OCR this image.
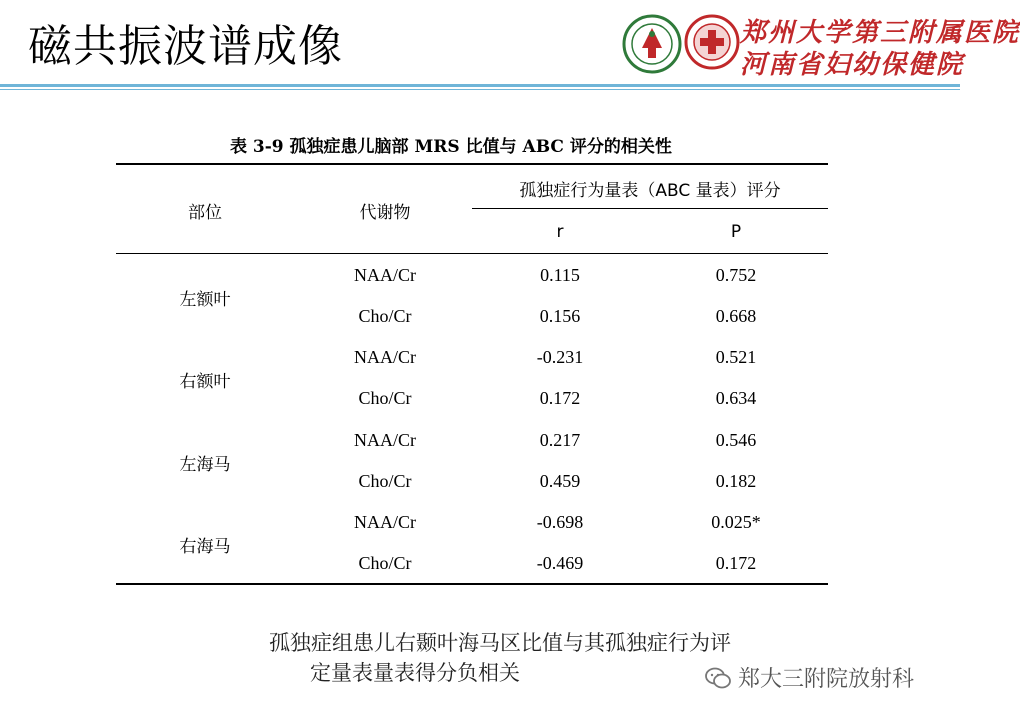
磁共振波谱成像	郑州大学第三附属医院
河南省妇幼保健院
表 3-9 孤独症患儿脑部 MRS 比值与 ABC 评分的相关性
部位	代谢物
孤独症行为量表（ABC 量表）评分
r	P
左额叶
NAA/Cr	0.115	0.752
Cho/Cr	0.156	0.668
右额叶
NAA/Cr	-0.231	0.521
Cho/Cr	0.172	0.634
左海马
NAA/Cr	0.217	0.546
Cho/Cr	0.459	0.182
右海马
NAA/Cr	-0.698	0.025*
Cho/Cr	-0.469	0.172
孤独症组患儿右颞叶海马区比值与其孤独症行为评
定量表量表得分负相关	郑大三附院放射科
